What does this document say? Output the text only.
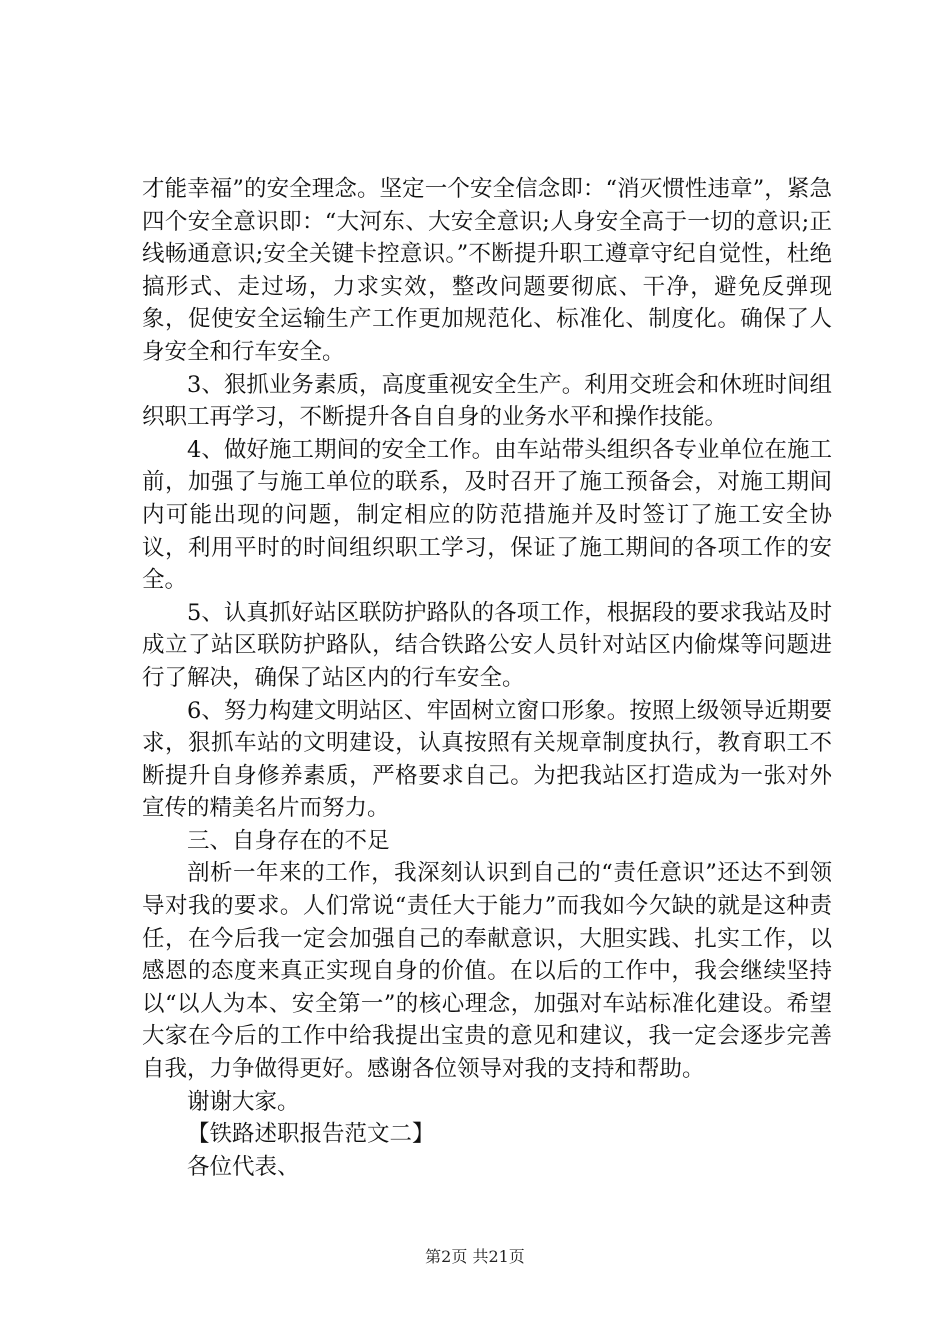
才能幸福”的安全理念。坚定一个安全信念即：“消灭惯性违章”，紧急四个安全意识即：“大河东、大安全意识;人身安全高于一切的意识;正线畅通意识;安全关键卡控意识。”不断提升职工遵章守纪自觉性，杜绝搞形式、走过场，力求实效，整改问题要彻底、干净，避免反弹现象，促使安全运输生产工作更加规范化、标准化、制度化。确保了人身安全和行车安全。

3、狠抓业务素质，高度重视安全生产。利用交班会和休班时间组织职工再学习，不断提升各自自身的业务水平和操作技能。

4、做好施工期间的安全工作。由车站带头组织各专业单位在施工前，加强了与施工单位的联系，及时召开了施工预备会，对施工期间内可能出现的问题，制定相应的防范措施并及时签订了施工安全协议，利用平时的时间组织职工学习，保证了施工期间的各项工作的安全。

5、认真抓好站区联防护路队的各项工作，根据段的要求我站及时成立了站区联防护路队，结合铁路公安人员针对站区内偷煤等问题进行了解决，确保了站区内的行车安全。

6、努力构建文明站区、牢固树立窗口形象。按照上级领导近期要求，狠抓车站的文明建设，认真按照有关规章制度执行，教育职工不断提升自身修养素质，严格要求自己。为把我站区打造成为一张对外宣传的精美名片而努力。

三、自身存在的不足

剖析一年来的工作，我深刻认识到自己的“责任意识”还达不到领导对我的要求。人们常说“责任大于能力”而我如今欠缺的就是这种责任，在今后我一定会加强自己的奉献意识，大胆实践、扎实工作，以感恩的态度来真正实现自身的价值。在以后的工作中，我会继续坚持以“以人为本、安全第一”的核心理念，加强对车站标准化建设。希望大家在今后的工作中给我提出宝贵的意见和建议，我一定会逐步完善自我，力争做得更好。感谢各位领导对我的支持和帮助。

谢谢大家。

【铁路述职报告范文二】

各位代表、

第2页 共21页
